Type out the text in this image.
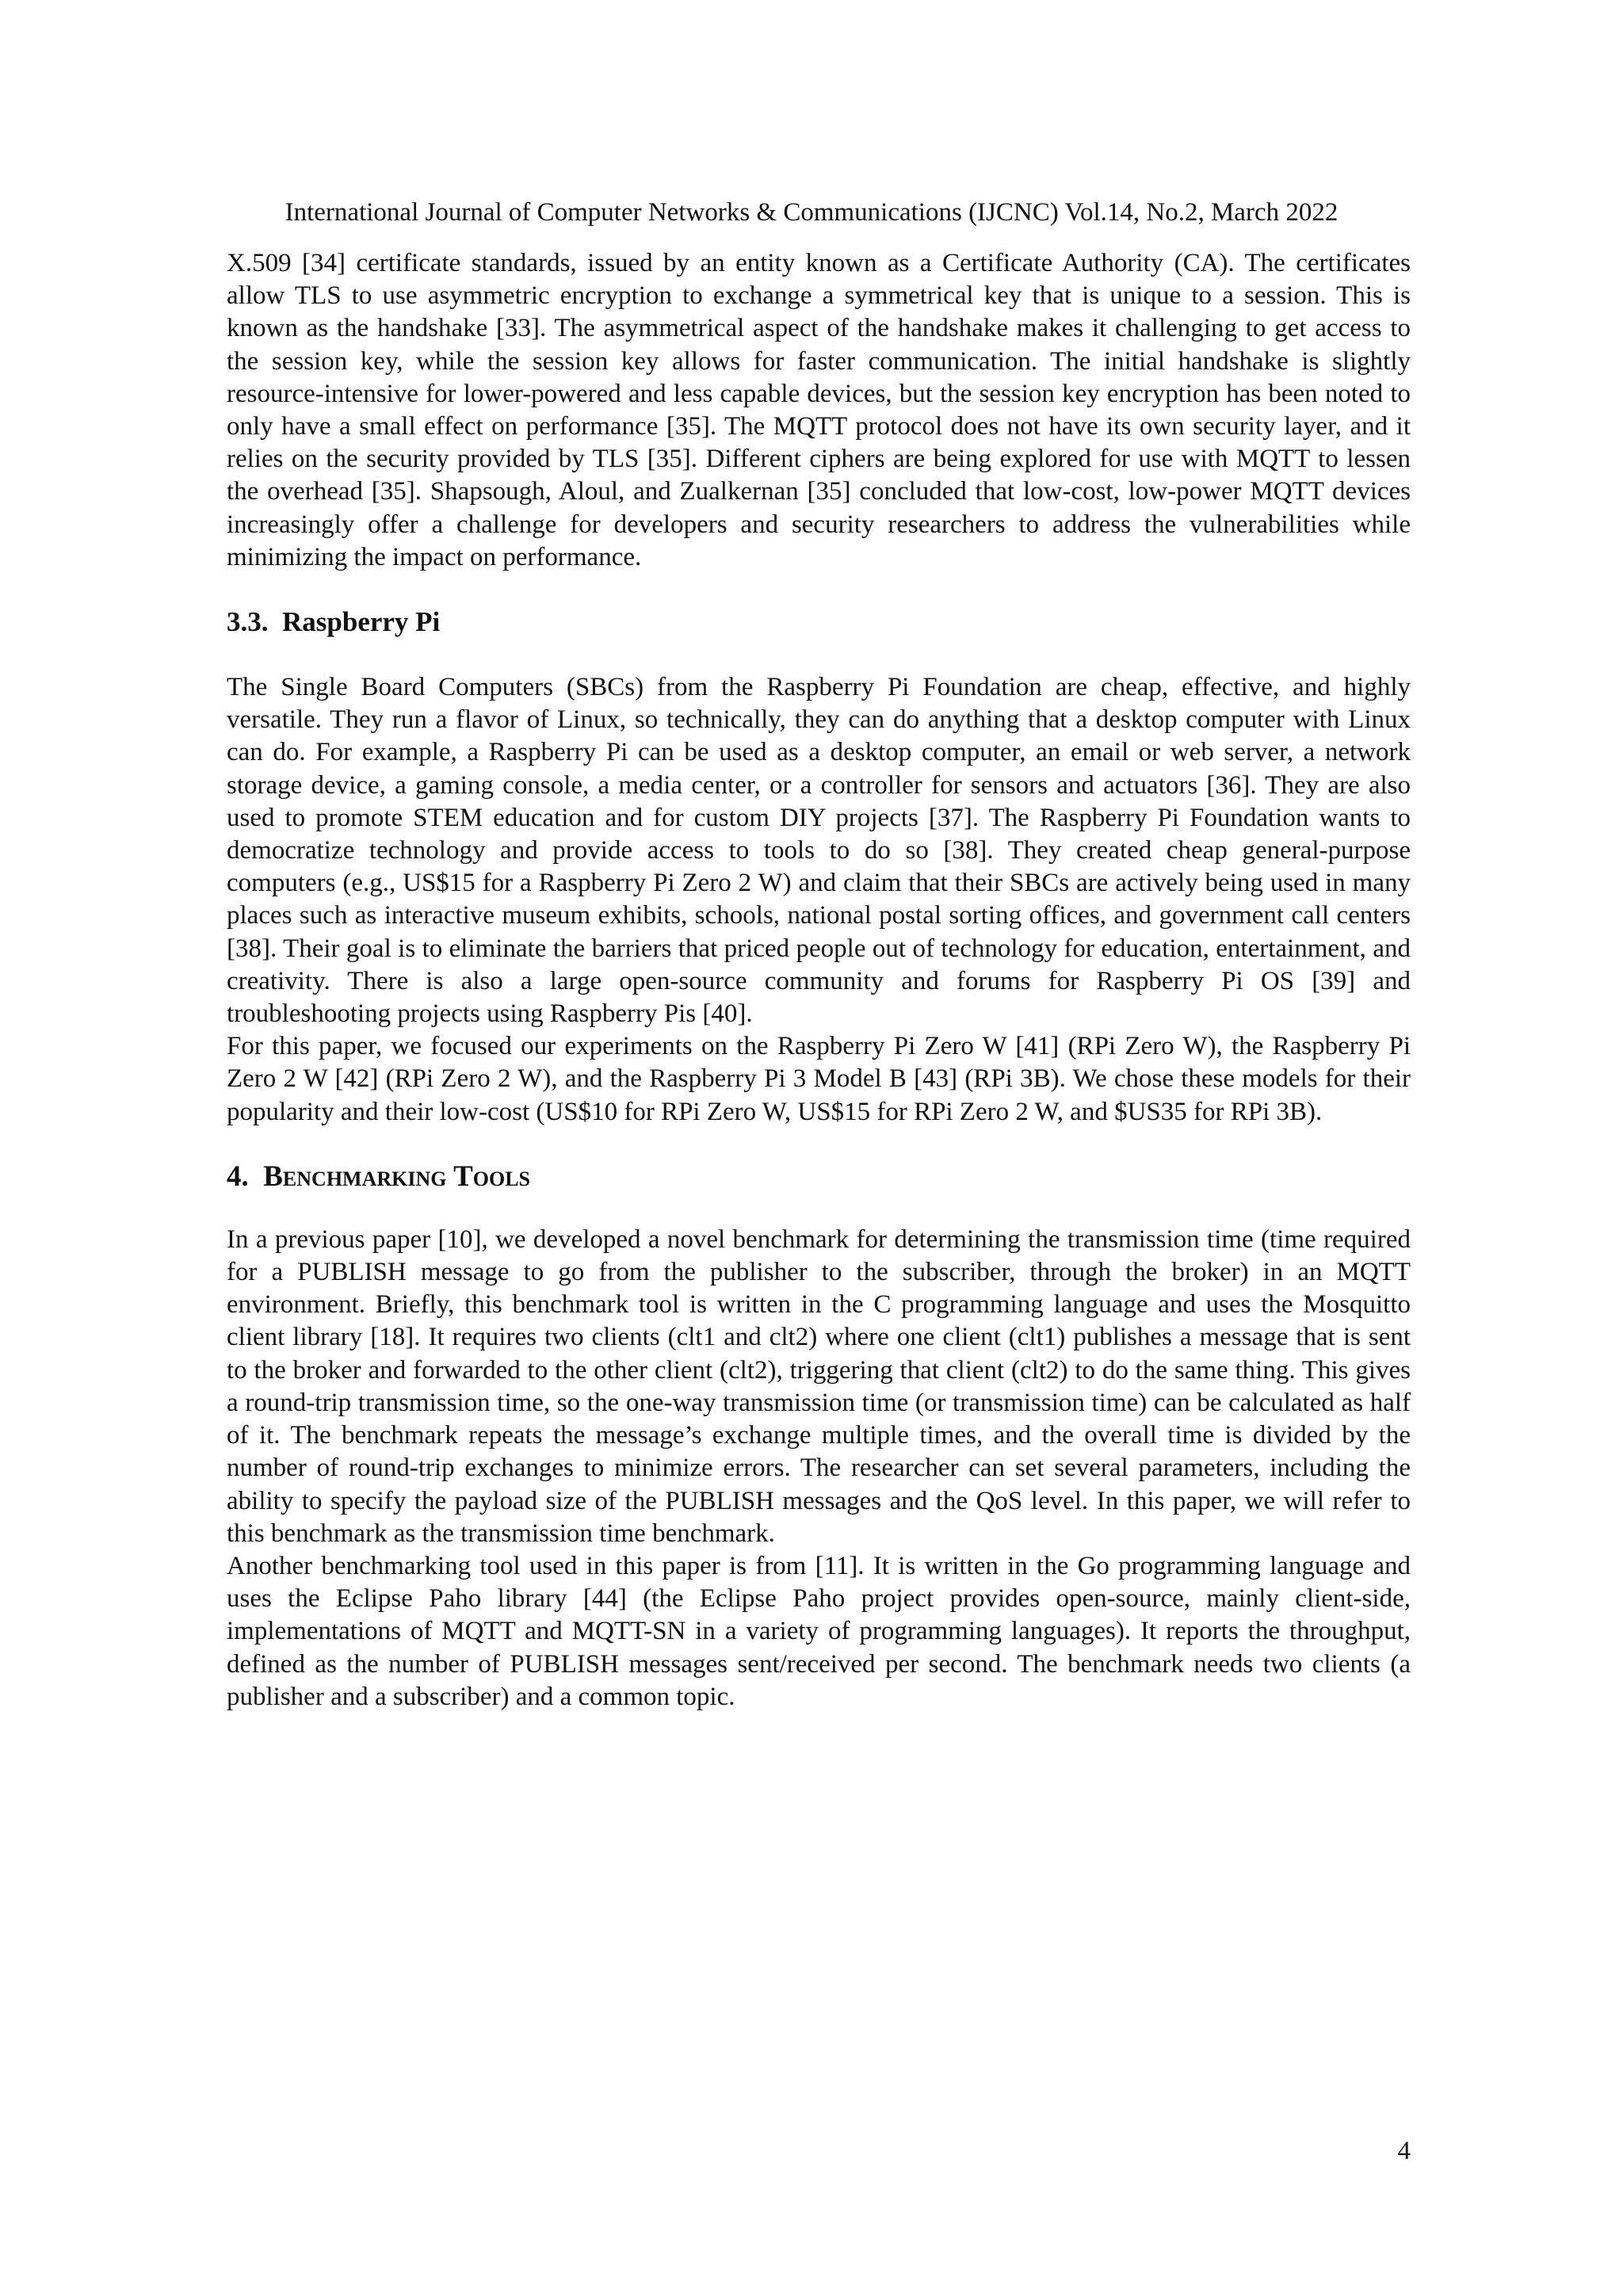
International Journal of Computer Networks & Communications (IJCNC) Vol.14, No.2, March 2022

X.509 [34] certificate standards, issued by an entity known as a Certificate Authority (CA). The certificates allow TLS to use asymmetric encryption to exchange a symmetrical key that is unique to a session. This is known as the handshake [33]. The asymmetrical aspect of the handshake makes it challenging to get access to the session key, while the session key allows for faster communication. The initial handshake is slightly resource-intensive for lower-powered and less capable devices, but the session key encryption has been noted to only have a small effect on performance [35]. The MQTT protocol does not have its own security layer, and it relies on the security provided by TLS [35]. Different ciphers are being explored for use with MQTT to lessen the overhead [35]. Shapsough, Aloul, and Zualkernan [35] concluded that low-cost, low-power MQTT devices increasingly offer a challenge for developers and security researchers to address the vulnerabilities while minimizing the impact on performance.

3.3. Raspberry Pi

The Single Board Computers (SBCs) from the Raspberry Pi Foundation are cheap, effective, and highly versatile. They run a flavor of Linux, so technically, they can do anything that a desktop computer with Linux can do. For example, a Raspberry Pi can be used as a desktop computer, an email or web server, a network storage device, a gaming console, a media center, or a controller for sensors and actuators [36]. They are also used to promote STEM education and for custom DIY projects [37]. The Raspberry Pi Foundation wants to democratize technology and provide access to tools to do so [38]. They created cheap general-purpose computers (e.g., US$15 for a Raspberry Pi Zero 2 W) and claim that their SBCs are actively being used in many places such as interactive museum exhibits, schools, national postal sorting offices, and government call centers [38]. Their goal is to eliminate the barriers that priced people out of technology for education, entertainment, and creativity. There is also a large open-source community and forums for Raspberry Pi OS [39] and troubleshooting projects using Raspberry Pis [40].

For this paper, we focused our experiments on the Raspberry Pi Zero W [41] (RPi Zero W), the Raspberry Pi Zero 2 W [42] (RPi Zero 2 W), and the Raspberry Pi 3 Model B [43] (RPi 3B). We chose these models for their popularity and their low-cost (US$10 for RPi Zero W, US$15 for RPi Zero 2 W, and $US35 for RPi 3B).

4. Benchmarking Tools

In a previous paper [10], we developed a novel benchmark for determining the transmission time (time required for a PUBLISH message to go from the publisher to the subscriber, through the broker) in an MQTT environment. Briefly, this benchmark tool is written in the C programming language and uses the Mosquitto client library [18]. It requires two clients (clt1 and clt2) where one client (clt1) publishes a message that is sent to the broker and forwarded to the other client (clt2), triggering that client (clt2) to do the same thing. This gives a round-trip transmission time, so the one-way transmission time (or transmission time) can be calculated as half of it. The benchmark repeats the message’s exchange multiple times, and the overall time is divided by the number of round-trip exchanges to minimize errors. The researcher can set several parameters, including the ability to specify the payload size of the PUBLISH messages and the QoS level. In this paper, we will refer to this benchmark as the transmission time benchmark.

Another benchmarking tool used in this paper is from [11]. It is written in the Go programming language and uses the Eclipse Paho library [44] (the Eclipse Paho project provides open-source, mainly client-side, implementations of MQTT and MQTT-SN in a variety of programming languages). It reports the throughput, defined as the number of PUBLISH messages sent/received per second. The benchmark needs two clients (a publisher and a subscriber) and a common topic.

4
